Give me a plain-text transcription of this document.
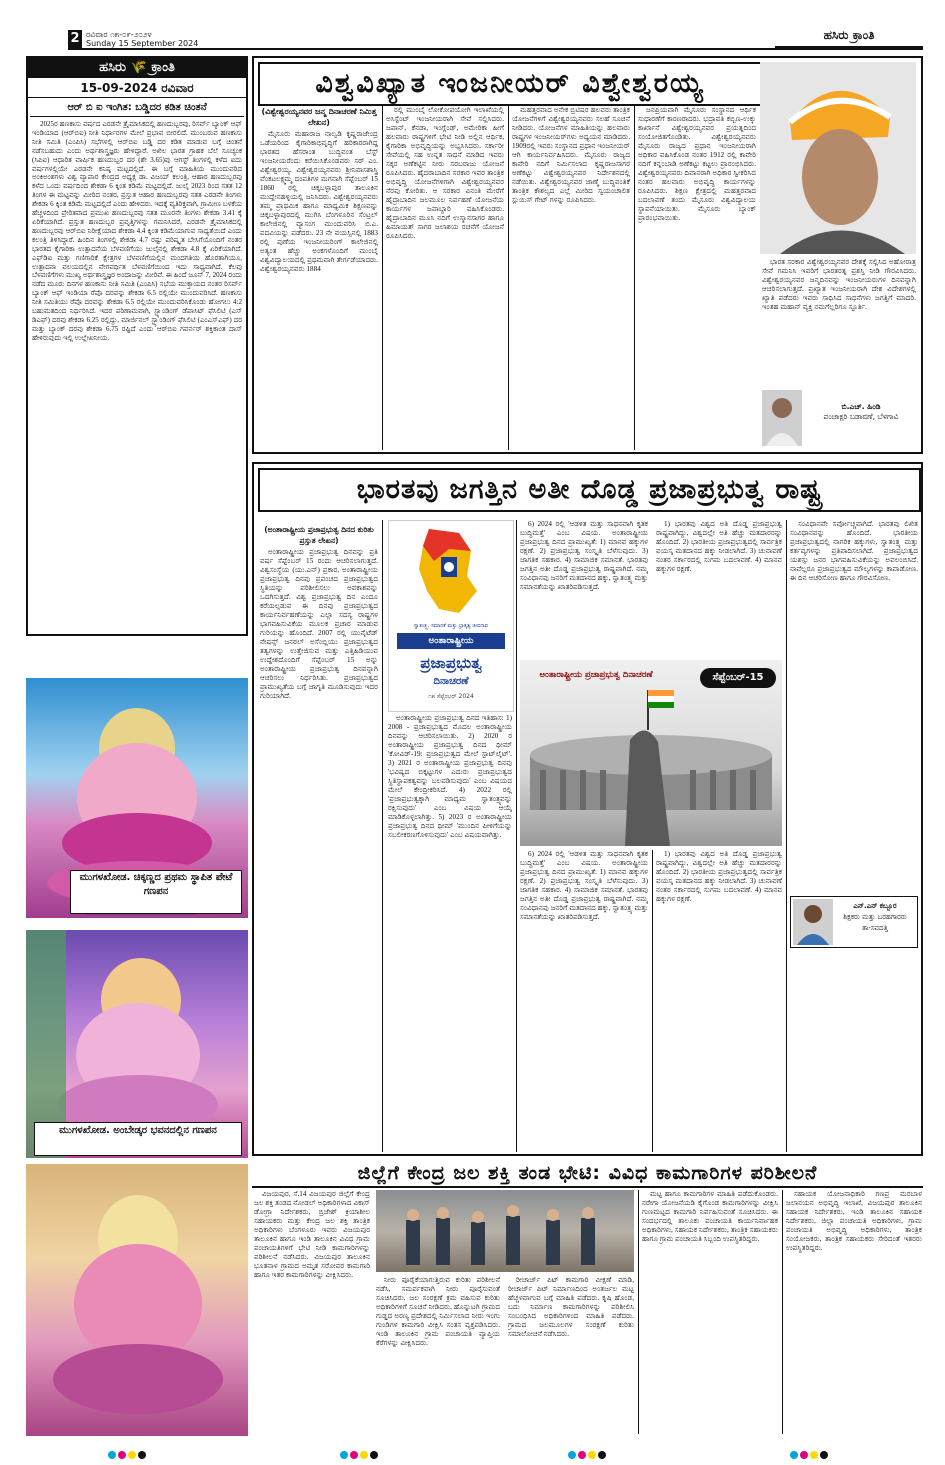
2 ರವಿವಾರ ೧೫-೦೯-೨೦೨೪
Sunday 15 September 2024
ಹಸಿರು ಕ್ರಾಂತಿ
ಹಸಿರು 🌾 ಕ್ರಾಂತಿ
15-09-2024 ರವಿವಾರ
ಆರ್ ಬಿ ಐ ಇಂಗಿತ: ಬಡ್ಡಿದರ ಕಡಿತ ಚಿಂತನೆ

2025ರ ಹಣಕಾಸು ವರ್ಷದ ಎರಡನೇ ತ್ರೈಮಾಸಿಕದಲ್ಲಿ ಹಣದುಬ್ಬರವು, ರಿಸರ್ವ್ ಬ್ಯಾಂಕ್ ಆಫ್ ಇಂಡಿಯಾದ (ಆರ್‌ಬಿಐ) ನೀತಿ ನಿರ್ಧಾರಗಳ ಮೇಲೆ ಪ್ರಭಾವ ಬೀರಲಿದೆ. ಮುಂಬರುವ ಹಣಕಾಸು ನೀತಿ ಸಮಿತಿ (ಎಂಪಿಸಿ) ಸಭೆಗಳಲ್ಲಿ ಆರ್‌ಬಿಐ ಬಡ್ಡಿ ದರ ಕಡಿತ ಮಾಡುವ ಬಗ್ಗೆ ಚಿಂತನೆ ನಡೆಸಬಹುದು ಎಂದು ಅರ್ಥಶಾಸ್ತ್ರಜ್ಞರು ಹೇಳಿದ್ದಾರೆ. ಅಖಿಲ ಭಾರತ ಗ್ರಾಹಕ ಬೆಲೆ ಸೂಚ್ಯಂಕ (ಸಿಪಿಐ) ಆಧಾರಿತ ವಾರ್ಷಿಕ ಹಣದುಬ್ಬರ ದರ (ಶೇ 3.65)ವು ಆಗಸ್ಟ್ ತಿಂಗಳಲ್ಲಿ ಕಳೆದ ಐದು ವರ್ಷಗಳಲ್ಲಿಯೇ ಎರಡನೇ ಕನಿಷ್ಠ ಮಟ್ಟದಲ್ಲಿದೆ. ಈ ಬಗ್ಗೆ ಮಾಹಿತಿಯ ಮುಂದುವರಿದ ಅಂಕಿಅಂಶಗಳು ವಿಶ್ವ ವ್ಯಾಪಾರ ಕೇಂದ್ರದ ಅಧ್ಯಕ್ಷ ಡಾ. ವಿಜಯ್ ಕಲಂತ್ರಿ, ಆಹಾರ ಹಣದುಬ್ಬರವು ಕಳೆದ ಒಂದು ವರ್ಷದಿಂದ ಶೇಕಡಾ 6 ಕ್ಕಿಂತ ಕಡಿಮೆ ಮಟ್ಟದಲ್ಲಿದೆ. ಜುಲೈ 2023 ರಿಂದ ಸತತ 12 ತಿಂಗಳ ಈ ಮಟ್ಟವನ್ನು ಮೀರಿದ ನಂತರ, ಪ್ರಸ್ತುತ ಆಹಾರ ಹಣದುಬ್ಬರವು ಸತತ ಎರಡನೇ ತಿಂಗಳು ಶೇಕಡಾ 6 ಕ್ಕಿಂತ ಕಡಿಮೆ ಮಟ್ಟದಲ್ಲಿದೆ ಎಂದು ಹೇಳಿದರು. ಇದಕ್ಕೆ ವ್ಯತಿರಿಕ್ತವಾಗಿ, ಗ್ರಾಮೀಣ ಬಳಕೆಯ ಹೆಚ್ಚಳದಿಂದ ಪ್ರೇರಿತವಾದ ಪ್ರಮುಖ ಹಣದುಬ್ಬರವು ಸತತ ಮೂರನೇ ತಿಂಗಳು ಶೇಕಡಾ 3.41 ಕ್ಕೆ ಏರಿಕೆಯಾಗಿದೆ. ಪ್ರಸ್ತುತ ಹಣದುಬ್ಬರ ಪ್ರವೃತ್ತಿಗಳನ್ನು ಗಮನಿಸಿದರೆ, ಎರಡನೇ ತ್ರೈಮಾಸಿಕದಲ್ಲಿ ಹಣದುಬ್ಬರವು ಆರ್‌ಬಿಐ ನಿರೀಕ್ಷೆಯಾದ ಶೇಕಡಾ 4.4 ಕ್ಕಿಂತ ಕಡಿಮೆಯಾಗುವ ಸಾಧ್ಯತೆಯಿದೆ ಎಂದು ಕಲಂತ್ರಿ ತಿಳಿಸಿದ್ದಾರೆ. ಹಿಂದಿನ ತಿಂಗಳಲ್ಲಿ ಶೇಕಡಾ 4.7 ರಷ್ಟು ಪರಿಷ್ಕೃತ ಬೇಸಿಗೆಯೊಂದಿಗೆ ನಂತರ ಭಾರತದ ಕೈಗಾರಿಕಾ ಉತ್ಪಾದನೆಯ ಬೆಳವಣಿಗೆಯು ಜುಲೈನಲ್ಲಿ ಶೇಕಡಾ 4.8 ಕ್ಕೆ ಏರಿಕೆಯಾಗಿದೆ. ಎಫ್‌ಡಿಐ ಮತ್ತು ಗಣಿಗಾರಿಕೆ ಕ್ಷೇತ್ರಗಳ ಬೆಳವಣಿಗೆಯಲ್ಲಿನ ಮಂದಗತಿಯ ಹೊರತಾಗಿಯೂ, ಉತ್ಪಾದನಾ ವಲಯದಲ್ಲಿನ ವೇಗವರ್ಧಿತ ಬೆಳವಣಿಗೆಯಿಂದ ಇದು ಸಾಧ್ಯವಾಗಿದೆ. ಕೆಲವು ಬೆಳವಣಿಗೆಗಳು ಮುಖ್ಯ ಅರ್ಥಶಾಸ್ತ್ರಜ್ಞರ ಅಂದಾಜನ್ನು ಮೀರಿವೆ. ಈ ಹಿಂದೆ ಜೂನ್ 7, 2024 ರಂದು ನಡೆದ ಮೂರು ದಿನಗಳ ಹಣಕಾಸು ನೀತಿ ಸಮಿತಿ (ಎಂಪಿಸಿ) ಸಭೆಯ ಮುಕ್ತಾಯದ ನಂತರ ರಿಸರ್ವ್ ಬ್ಯಾಂಕ್ ಆಫ್ ಇಂಡಿಯಾ ರೆಪೊ ದರವನ್ನು ಶೇಕಡಾ 6.5 ರಲ್ಲಿಯೇ ಮುಂದುವರಿಸಿದೆ. ಹಣಕಾಸು ನೀತಿ ಸಮಿತಿಯು ರೆಪೊ ದರವನ್ನು ಶೇಕಡಾ 6.5 ರಲ್ಲಿಯೇ ಮುಂದುವರಿಸಿಕೊಂಡು ಹೋಗಲು 4:2 ಬಹುಮತದಿಂದ ನಿರ್ಧರಿಸಿದೆ. ಇದರ ಪರಿಣಾಮವಾಗಿ, ಸ್ಟ್ಯಾಂಡಿಂಗ್ ಡೆಪಾಸಿಟ್ ಫೆಸಿಲಿಟಿ (ಎಸ್ ಡಿಎಫ್) ದರವು ಶೇಕಡಾ 6.25 ರಲ್ಲಿದ್ದು, ಮಾರ್ಜಿನಲ್ ಸ್ಟ್ಯಾಂಡಿಂಗ್ ಫೆಸಿಲಿಟಿ (ಎಂಎಸ್‌ಎಫ್) ದರ ಮತ್ತು ಬ್ಯಾಂಕ್ ದರವು ಶೇಕಡಾ 6.75 ರಷ್ಟಿದೆ ಎಂದು ಆರ್‌ಬಿಐ ಗವರ್ನರ್ ಶಕ್ತಿಕಾಂತ ದಾಸ್ ಹೇಳಿರುವುದು ಇಲ್ಲಿ ಉಲ್ಲೇಖನೀಯ.

ಮುಗಳಖೋಡ. ಚಿಕ್ಕಣ್ಣದ ಪ್ರಥಮ ಸ್ಥಾಪಿತ ಪೇಟೆ ಗಣಪನ
ಮುಗಳಖೋಡ. ಅಂಬೇಡ್ಕರ ಭವನದಲ್ಲಿನ ಗಣಪನ
ವಿಶ್ವವಿಖ್ಯಾತ ಇಂಜನೀಯರ್ ವಿಶ್ವೇಶ್ವರಯ್ಯ
(ವಿಶ್ವೇಶ್ವರಯ್ಯನವರ ಜನ್ಮ ದಿನಾಚರಣೆ ನಿಮಿತ್ತ ಲೇಖನ)

ಮೈಸೂರು ಮಹಾರಾಜ ನಾಲ್ವಡಿ ಕೃಷ್ಣರಾಜೇಂದ್ರ ಒಡೆಯರಿಂದ ಕೈಗಾರಿಕಾಭಿವೃದ್ಧಿಗೆ ಹರಿಕಾರರಾಗಿದ್ದ ಭಾರತದ ಹೆಸರಾಂತ ಬುದ್ಧಿವಂತ ಬೆಸ್ಟ್ ಇಂಜನೀಯರೆಂದು ಕರೆಯಿಸಿಕೊಂಡವರು ಸರ್ ಎಂ. ವಿಶ್ವೇಶ್ವರಯ್ಯ. ವಿಶ್ವೇಶ್ವರಯ್ಯನವರು ಶ್ರೀನಿವಾಸಶಾಸ್ತ್ರಿ ವೆಂಕಟಲಕ್ಷ್ಮಮ್ಮ ದಂಪತಿಗಳ ಮಗನಾಗಿ ಸೆಪ್ಟೆಂಬರ್ 15 1860 ರಲ್ಲಿ ಚಿಕ್ಕಬಳ್ಳಾಪುರ ತಾಲೂಕಿನ ಮುದ್ದೇನಹಳ್ಳಿಯಲ್ಲಿ ಜನಿಸಿದರು. ವಿಶ್ವೇಶ್ವರಯ್ಯನವರು ತಮ್ಮ ಪ್ರಾಥಮಿಕ ಹಾಗೂ ಮಾಧ್ಯಮಿಕ ಶಿಕ್ಷಣವನ್ನು ಚಿಕ್ಕಬಳ್ಳಾಪುರದಲ್ಲಿ ಮುಗಿಸಿ ಬೆಂಗಳೂರಿನ ಸೆಂಟ್ರಲ್ ಕಾಲೇಜಿನಲ್ಲಿ ವ್ಯಾಸಂಗ ಮುಂದುವರಿಸಿ ಬಿ.ಎ. ಪದವಿಯನ್ನು ಪಡೆದರು. 23 ನೇ ವಯಸ್ಸಿನಲ್ಲಿ 1883 ರಲ್ಲಿ ಪುಣೆಯ ಇಂಜನೀಯರಿಂಗ್ ಕಾಲೇಜಿನಲ್ಲಿ ಅತ್ಯಂತ ಹೆಚ್ಚು ಅಂಕಗಳೊಂದಿಗೆ ಮುಂಬೈ ವಿಶ್ವವಿದ್ಯಾಲಯದಲ್ಲಿ ಪ್ರಥಮವಾಗಿ ತೇರ್ಗಡೆಯಾದರು. ವಿಶ್ವೇಶ್ವರಯ್ಯನವರು 1884

ರಲ್ಲಿ ಮುಂಬೈ ಲೋಕೋಪಯೋಗಿ ಇಲಾಖೆಯಲ್ಲಿ ಅಸಿಸ್ಟೆಂಟ್ ಇಂಜನೀಯರಾಗಿ ಸೇವೆ ಸಲ್ಲಿಸಿದರು. ಜಪಾನ್, ಕೆನಡಾ, ಇಂಗ್ಲೆಂಡ್, ಅಮೇರಿಕಾ ಹೀಗೆ ಹಲವಾರು ರಾಷ್ಟ್ರಗಳಿಗೆ ಭೇಟಿ ನೀಡಿ ಅಲ್ಲಿನ ಆರ್ಥಿಕ, ಕೈಗಾರಿಕಾ ಅಭಿವೃದ್ಧಿಯನ್ನು ಅಭ್ಯಸಿಸಿದರು. ಸರ್ಕಾರೀ ಸೇವೆಯಲ್ಲಿ ಸಹ ಉನ್ನತ ಸಾಧನೆ ಮಾಡಿದ ಇವರು ಸಕ್ಕರ ಅಣೆಕಟ್ಟಿನ ನೀರು ಸರಬರಾಜು ಯೋಜನೆ ರೂಪಿಸಿದರು. ಹೈದರಾಬಾದಿನ ಸರಕಾರ ಇವರ ತಾಂತ್ರಿಕ ಅಭಿವೃದ್ಧಿ ಯೋಜನೆಗಳಿಗಾಗಿ ವಿಶ್ವೇಶ್ವರಯ್ಯನವರ ನೆರವು ಕೋರಿತು. ಆ ಸರಕಾರ ವಿನಂತಿ ಮೇರೆಗೆ ಹೈದ್ರಾಬಾದಿನ ಜಲಮೂಲ ನಿರ್ವಹಣೆ ಯೋಜನೆಯ ಕಾರ್ಯಗಳ ಜವಾಬ್ದಾರಿ ವಹಿಸಿಕೊಂಡರು. ಹೈದ್ರಾಬಾದಿನ ಮೂಸಿ ನದಿಗೆ ಉಸ್ಮಾನಸಾಗರ ಹಾಗೂ ಹಿಮಾಯತ್ ಸಾಗರ ಜಲಾಶಯ ರಚನೆಗೆ ಯೋಜನೆ ರೂಪಿಸಿದರು.

ಮಹತ್ತರವಾದ ಅನೇಕ ಬ್ರಿಟಿಷರ ಹಲವರು ತಾಂತ್ರಿಕ ಯೋಜನೆಗಳಿಗೆ ವಿಶ್ವೇಶ್ವರಯ್ಯನವರು ಸಲಹೆ ಸೂಚನೆ ನೀಡಿದರು. ಯೋಜನೆಗಳ ಮಾಹಿತಿಯನ್ನು ಹಲವಾರು ರಾಷ್ಟ್ರಗಳ ಇಂಜನೀಯರ್‌ಗಳು ಅಧ್ಯಯನ ಮಾಡಿದರು. 1909ರಲ್ಲಿ ಇವರು ಸಂಸ್ಥಾನದ ಪ್ರಧಾನ ಇಂಜನೀಯರ್ ಆಗಿ ಕಾರ್ಯನಿರ್ವಹಿಸಿದರು. ಮೈಸೂರು ರಾಜ್ಯದ ಕಾವೇರಿ ನದಿಗೆ ನಿರ್ಮಿಸಲಾದ ಕೃಷ್ಣರಾಜಸಾಗರ ಅಣೆಕಟ್ಟು ವಿಶ್ವೇಶ್ವರಯ್ಯನವರ ನಿರ್ದೇಶನದಲ್ಲಿ ನಡೆಯಿತು. ವಿಶ್ವೇಶ್ವರಯ್ಯನವರ ಜಾಣ್ಮೆ ಬುದ್ಧಿವಂತಿಕೆ ತಾಂತ್ರಿಕ ಕೌಶಲ್ಯದ ಎಲ್ಲೆ ಮೀರಿದ ಸ್ವಯಂಚಾಲಿತ ಸ್ಲುಯಿಸ್ ಗೇಟ್ ಗಳನ್ನು ರೂಪಿಸಿದರು.

ಜನಪ್ರಿಯವಾಗಿ ಮೈಸೂರು ಸಂಸ್ಥಾನದ ಆರ್ಥಿಕ ಸುಧಾರಣೆಗೆ ಕಾರಣರಾದರು. ಭದ್ರಾವತಿ ಕಬ್ಬಿಣ-ಉಕ್ಕು ಕಾರ್ಖಾನೆ ವಿಶ್ವೇಶ್ವರಯ್ಯನವರ ಪ್ರಯತ್ನದಿಂದ ಸಂಯೋಜಿತಗೊಂಡಿತು. ವಿಶ್ವೇಶ್ವರಯ್ಯನವರು ಮೈಸೂರು ರಾಜ್ಯದ ಪ್ರಧಾನ ಇಂಜನೀಯರಾಗಿ ಅಧಿಕಾರ ವಹಿಸಿಕೊಂಡ ನಂತರ 1912 ರಲ್ಲಿ ಕಾವೇರಿ ನದಿಗೆ ಕನ್ನಂಬಾಡಿ ಅಣೆಕಟ್ಟು ಕಟ್ಟಲು ಪ್ರಾರಂಭಿಸಿದರು. ವಿಶ್ವೇಶ್ವರಯ್ಯನವರು ದಿವಾನರಾಗಿ ಅಧಿಕಾರ ಸ್ವೀಕರಿಸಿದ ನಂತರ ಹಲವಾರು ಅಭಿವೃದ್ಧಿ ಕಾರ್ಯಗಳನ್ನು ರೂಪಿಸಿದರು. ಶಿಕ್ಷಣ ಕ್ಷೇತ್ರದಲ್ಲಿ ಮಹತ್ತರವಾದ ಬದಲಾವಣೆ ತಂದು ಮೈಸೂರು ವಿಶ್ವವಿದ್ಯಾಲಯ ಸ್ಥಾಪನೆಯಾಯಿತು. ಮೈಸೂರು ಬ್ಯಾಂಕ್ ಪ್ರಾರಂಭವಾಯಿತು.

ಭಾರತ ಸರಕಾರ ವಿಶ್ವೇಶ್ವರಯ್ಯನವರ ದೇಶಕ್ಕೆ ಸಲ್ಲಿಸಿದ ಅಹೋರಾತ್ರ ಸೇವೆ ಗಮನಿಸಿ ಇವರಿಗೆ ಭಾರತರತ್ನ ಪ್ರಶಸ್ತಿ ನೀಡಿ ಗೌರವಿಸಿದರು. ವಿಶ್ವೇಶ್ವರಯ್ಯನವರ ಜನ್ಮದಿನವನ್ನು ಇಂಜನೀಯರುಗಳ ದಿನವನ್ನಾಗಿ ಆಚರಿಸಲಾಗುತ್ತದೆ. ಪ್ರಖ್ಯಾತ ಇಂಜನೀಯರಾಗಿ ದೇಶ ವಿದೇಶಗಳಲ್ಲಿ ಖ್ಯಾತಿ ಪಡೆದರು ಇವರು ಸಾಧಿಸಿದ ಸಾಧನೆಗಳು ಜಗತ್ತಿಗೆ ಮಾದರಿ. ಇಂತಹ ಮಹಾನ್ ವ್ಯಕ್ತಿ ನಮಗೆಲ್ಲರಿಗೂ ಸ್ಫೂರ್ತಿ.

ಬಿ.ಎಚ್. ಹಿಂಡಿ
ಪಂಚಾಕ್ಷರಿ ಬಡಾವಣೆ, ಬೆಳಗಾವಿ
ಭಾರತವು ಜಗತ್ತಿನ ಅತೀ ದೊಡ್ಡ ಪ್ರಜಾಪ್ರಭುತ್ವ ರಾಷ್ಟ್ರ
(ಅಂತಾರಾಷ್ಟ್ರೀಯ ಪ್ರಜಾಪ್ರಭುತ್ವ ದಿನದ ಕುರಿತು ಪ್ರಸ್ತುತ ಲೇಖನ)

ಅಂತಾರಾಷ್ಟ್ರೀಯ ಪ್ರಜಾಪ್ರಭುತ್ವ ದಿನವನ್ನು ಪ್ರತಿ ವರ್ಷ ಸೆಪ್ಟೆಂಬರ್ 15 ರಂದು ಆಚರಿಸಲಾಗುತ್ತದೆ. ವಿಶ್ವಸಂಸ್ಥೆಯ (ಯು.ಎನ್) ಪ್ರಕಾರ, ಅಂತಾರಾಷ್ಟ್ರೀಯ ಪ್ರಜಾಪ್ರಭುತ್ವ ದಿನವು ಪ್ರಪಂಚದ ಪ್ರಜಾಪ್ರಭುತ್ವದ ಸ್ಥಿತಿಯನ್ನು ಪರಿಶೀಲಿಸಲು ಅವಕಾಶವನ್ನು ಒದಗಿಸುತ್ತದೆ. ವಿಶ್ವ ಪ್ರಜಾಪ್ರಭುತ್ವ ದಿನ ಎಂದೂ ಕರೆಯಲ್ಪಡುವ ಈ ದಿನವು ಪ್ರಜಾಪ್ರಭುತ್ವದ ಕಾರ್ಯನಿರ್ವಹಣೆಯನ್ನು ಎಲ್ಲಾ ಸದಸ್ಯ ರಾಷ್ಟ್ರಗಳ ಭಾಗವಹಿಸುವಿಕೆಯ ಮೂಲಕ ಪ್ರಚಾರ ಮಾಡುವ ಗುರಿಯನ್ನು ಹೊಂದಿದೆ. 2007 ರಲ್ಲಿ ಯುನೈಟೆಡ್ ನೇಷನ್ಸ್ ಜನರಲ್ ಅಸೆಂಬ್ಲಿಯು ಪ್ರಜಾಪ್ರಭುತ್ವದ ತತ್ವಗಳನ್ನು ಉತ್ತೇಜಿಸುವ ಮತ್ತು ಎತ್ತಿಹಿಡಿಯುವ ಉದ್ದೇಶದೊಂದಿಗೆ ಸೆಪ್ಟೆಂಬರ್ 15 ಅನ್ನು ಅಂತಾರಾಷ್ಟ್ರೀಯ ಪ್ರಜಾಪ್ರಭುತ್ವ ದಿನವನ್ನಾಗಿ ಆಚರಿಸಲು ನಿರ್ಧರಿಸಿತು. ಪ್ರಜಾಪ್ರಭುತ್ವದ ಪ್ರಾಮುಖ್ಯತೆಯ ಬಗ್ಗೆ ಜಾಗೃತಿ ಮೂಡಿಸುವುದು ಇದರ ಗುರಿಯಾಗಿದೆ.

ಸ್ವಾತಂತ್ರ್ಯ, ಸಮಾನತೆ ಮತ್ತು ಭ್ರಾತೃತ್ವ ಜೀವನಾವ
ಅಂತಾರಾಷ್ಟ್ರೀಯ
ಪ್ರಜಾಪ್ರಭುತ್ವ
ದಿನಾಚರಣೆ
೧೫ ಸೆಪ್ಟೆಂಬರ್ 2024

ಅಂತಾರಾಷ್ಟ್ರೀಯ ಪ್ರಜಾಪ್ರಭುತ್ವ ದಿನದ ಇತಿಹಾಸ: 1) 2008 - ಪ್ರಜಾಪ್ರಭುತ್ವದ ಮೊದಲ ಅಂತಾರಾಷ್ಟ್ರೀಯ ದಿನವನ್ನು ಆಚರಿಸಲಾಯಿತು. 2) 2020 ರ ಅಂತಾರಾಷ್ಟ್ರೀಯ ಪ್ರಜಾಪ್ರಭುತ್ವ ದಿನದ ಥೀಮ್ 'ಕೋವಿಡ್-19: ಪ್ರಜಾಪ್ರಭುತ್ವದ ಮೇಲೆ ಸ್ಪಾಟ್‌ಲೈಟ್'. 3) 2021 ರ ಅಂತಾರಾಷ್ಟ್ರೀಯ ಪ್ರಜಾಪ್ರಭುತ್ವ ದಿನವು 'ಭವಿಷ್ಯದ ಬಿಕ್ಕಟ್ಟುಗಳ ಎದುರು ಪ್ರಜಾಪ್ರಭುತ್ವದ ಸ್ಥಿತಿಸ್ಥಾಪಕತ್ವವನ್ನು ಬಲಪಡಿಸುವುದು' ಎಂಬ ವಿಷಯದ ಮೇಲೆ ಕೇಂದ್ರೀಕರಿಸಿದೆ. 4) 2022 ರಲ್ಲಿ 'ಪ್ರಜಾಪ್ರಭುತ್ವಕ್ಕಾಗಿ ಮಾಧ್ಯಮ ಸ್ವಾತಂತ್ರ್ಯವನ್ನು ರಕ್ಷಿಸುವುದು' ಎಂಬ ವಿಷಯ ಆಯ್ಕೆ ಮಾಡಿಕೊಳ್ಳಲಾಗಿತ್ತು. 5) 2023 ರ ಅಂತಾರಾಷ್ಟ್ರೀಯ ಪ್ರಜಾಪ್ರಭುತ್ವ ದಿನದ ಥೀಮ್ 'ಮುಂದಿನ ಪೀಳಿಗೆಯನ್ನು ಸಬಲೀಕರಣಗೊಳಿಸುವುದು' ಎಂಬ ವಿಷಯವಾಗಿತ್ತು.

6) 2024 ರಲ್ಲಿ 'ಆಡಳಿತ ಮತ್ತು ಸಾಧನವಾಗಿ ಕೃತಕ ಬುದ್ಧಿಮತ್ತೆ' ಎಂಬ ವಿಷಯ. ಅಂತಾರಾಷ್ಟ್ರೀಯ ಪ್ರಜಾಪ್ರಭುತ್ವ ದಿನದ ಪ್ರಾಮುಖ್ಯತೆ: 1) ಮಾನವ ಹಕ್ಕುಗಳ ರಕ್ಷಣೆ. 2) ಪ್ರಜಾಪ್ರಭುತ್ವ ಸಂಸ್ಕೃತಿ ಬೆಳೆಸುವುದು. 3) ಜಾಗತಿಕ ಸಹಕಾರ. 4) ಸಾಮಾಜಿಕ ಸಮಾನತೆ. ಭಾರತವು ಜಗತ್ತಿನ ಅತೀ ದೊಡ್ಡ ಪ್ರಜಾಪ್ರಭುತ್ವ ರಾಷ್ಟ್ರವಾಗಿದೆ. ನಮ್ಮ ಸಂವಿಧಾನವು ಜನರಿಗೆ ಮತದಾನದ ಹಕ್ಕು, ಸ್ವಾತಂತ್ರ್ಯ ಮತ್ತು ಸಮಾನತೆಯನ್ನು ಖಾತರಿಪಡಿಸುತ್ತದೆ.

ಅಂತಾರಾಷ್ಟ್ರೀಯ ಪ್ರಜಾಪ್ರಭುತ್ವ ದಿನಾಚರಣೆ	ಸೆಪ್ಟೆಂಬರ್-15

6) 2024 ರಲ್ಲಿ 'ಆಡಳಿತ ಮತ್ತು ಸಾಧನವಾಗಿ ಕೃತಕ ಬುದ್ಧಿಮತ್ತೆ' ಎಂಬ ವಿಷಯ. ಅಂತಾರಾಷ್ಟ್ರೀಯ ಪ್ರಜಾಪ್ರಭುತ್ವ ದಿನದ ಪ್ರಾಮುಖ್ಯತೆ: 1) ಮಾನವ ಹಕ್ಕುಗಳ ರಕ್ಷಣೆ. 2) ಪ್ರಜಾಪ್ರಭುತ್ವ ಸಂಸ್ಕೃತಿ ಬೆಳೆಸುವುದು. 3) ಜಾಗತಿಕ ಸಹಕಾರ. 4) ಸಾಮಾಜಿಕ ಸಮಾನತೆ. ಭಾರತವು ಜಗತ್ತಿನ ಅತೀ ದೊಡ್ಡ ಪ್ರಜಾಪ್ರಭುತ್ವ ರಾಷ್ಟ್ರವಾಗಿದೆ. ನಮ್ಮ ಸಂವಿಧಾನವು ಜನರಿಗೆ ಮತದಾನದ ಹಕ್ಕು, ಸ್ವಾತಂತ್ರ್ಯ ಮತ್ತು ಸಮಾನತೆಯನ್ನು ಖಾತರಿಪಡಿಸುತ್ತದೆ.

1) ಭಾರತವು ವಿಶ್ವದ ಅತಿ ದೊಡ್ಡ ಪ್ರಜಾಪ್ರಭುತ್ವ ರಾಷ್ಟ್ರವಾಗಿದ್ದು, ವಿಶ್ವದಲ್ಲೇ ಅತಿ ಹೆಚ್ಚು ಮತದಾರರನ್ನು ಹೊಂದಿದೆ. 2) ಭಾರತೀಯ ಪ್ರಜಾಪ್ರಭುತ್ವದಲ್ಲಿ ಸಾರ್ವತ್ರಿಕ ವಯಸ್ಕ ಮತದಾನದ ಹಕ್ಕು ನೀಡಲಾಗಿದೆ. 3) ಚುನಾವಣೆ ನಂತರ ಸರ್ಕಾರದಲ್ಲಿ ಸುಗಮ ಬದಲಾವಣೆ. 4) ಮಾನವ ಹಕ್ಕುಗಳ ರಕ್ಷಣೆ.

1) ಭಾರತವು ವಿಶ್ವದ ಅತಿ ದೊಡ್ಡ ಪ್ರಜಾಪ್ರಭುತ್ವ ರಾಷ್ಟ್ರವಾಗಿದ್ದು, ವಿಶ್ವದಲ್ಲೇ ಅತಿ ಹೆಚ್ಚು ಮತದಾರರನ್ನು ಹೊಂದಿದೆ. 2) ಭಾರತೀಯ ಪ್ರಜಾಪ್ರಭುತ್ವದಲ್ಲಿ ಸಾರ್ವತ್ರಿಕ ವಯಸ್ಕ ಮತದಾನದ ಹಕ್ಕು ನೀಡಲಾಗಿದೆ. 3) ಚುನಾವಣೆ ನಂತರ ಸರ್ಕಾರದಲ್ಲಿ ಸುಗಮ ಬದಲಾವಣೆ. 4) ಮಾನವ ಹಕ್ಕುಗಳ ರಕ್ಷಣೆ.

ಸಂವಿಧಾನವೇ ಸರ್ವೋಚ್ಚವಾಗಿದೆ. ಭಾರತವು ಲಿಖಿತ ಸಂವಿಧಾನವನ್ನು ಹೊಂದಿದೆ. ಭಾರತೀಯ ಪ್ರಜಾಪ್ರಭುತ್ವದಲ್ಲಿ ನಾಗರಿಕ ಹಕ್ಕುಗಳು, ಸ್ವಾತಂತ್ರ್ಯ ಮತ್ತು ಕರ್ತವ್ಯಗಳನ್ನು ಪ್ರತಿಪಾದಿಸಲಾಗಿದೆ. ಪ್ರಜಾಪ್ರಭುತ್ವದ ಯಶಸ್ಸು ಜನರ ಭಾಗವಹಿಸುವಿಕೆಯನ್ನು ಅವಲಂಬಿಸಿದೆ. ನಾವೆಲ್ಲರೂ ಪ್ರಜಾಪ್ರಭುತ್ವದ ಮೌಲ್ಯಗಳನ್ನು ಕಾಪಾಡೋಣ. ಈ ದಿನ ಆಚರಿಸೋಣ ಹಾಗೂ ಗೌರವಿಸೋಣ.

ಎನ್.ಎನ್ ಕಬ್ಬೂರ
ಶಿಕ್ಷಕರು ಮತ್ತು ಬರಹಗಾರರು
ತಾ-ಸವದತ್ತಿ
ಜಿಲ್ಲೆಗೆ ಕೇಂದ್ರ ಜಲ ಶಕ್ತಿ ತಂಡ ಭೇಟಿ: ವಿವಿಧ ಕಾಮಗಾರಿಗಳ ಪರಿಶೀಲನೆ

ವಿಜಯಪುರ, ಸೆ.14 ವಿಜಯಪುರ ಜಿಲ್ಲೆಗೆ ಕೇಂದ್ರ ಜಲ ಶಕ್ತಿ ತಂಡದ ನೋಡಲ್ ಅಧಿಕಾರಿಗಳಾದ ವಿಕಾಸ್ ಡೋಗ್ರಾ ನಿರ್ದೇಶಕರು, ಬ್ರಿಜೇಶ್ ಕ್ರಿಯಾಶೀಲ ಸಹಾಯಕರು ಮತ್ತು ಕೇಂದ್ರ ಜಲ ಶಕ್ತಿ ತಾಂತ್ರಿಕ ಅಧಿಕಾರಿಗಳು ಬೆಂಗಳೂರು ಇವರು ವಿಜಯಪುರ ತಾಲೂಕಿನ ಹಾಗೂ ಇಂಡಿ ತಾಲೂಕಿನ ವಿವಿಧ ಗ್ರಾಮ ಪಂಚಾಯತಿಗಳಿಗೆ ಭೇಟಿ ನೀಡಿ ಕಾಮಗಾರಿಗಳನ್ನು ಪರಿಶೀಲನೆ ನಡೆಸಿದರು. ವಿಜಯಪುರ ತಾಲೂಕಿನ ಭೂತನಾಳ ಗ್ರಾಮದ ಅಮೃತ ಸರೋವರ ಕಾಮಗಾರಿ ಹಾಗೂ ಇತರ ಕಾಮಗಾರಿಗಳನ್ನು ವೀಕ್ಷಿಸಿದರು.

ನೀರು ಪೂರೈಕೆಯಾಗುತ್ತಿರುವ ಕುರಿತು ಪರಿಶೀಲನೆ ನಡೆಸಿ, ಸಮರ್ಪಕವಾಗಿ ನೀರು ಪೂರೈಸುವಂತೆ ಸೂಚಿಸಿದರು. ಜಲ ಸಂರಕ್ಷಣೆ ಕ್ರಮ ವಹಿಸುವ ಕುರಿತು ಅಧಿಕಾರಿಗಳಿಗೆ ಸೂಚನೆ ನೀಡಿದರು. ಹೊನ್ನುಟಗಿ ಗ್ರಾಮದ ಗುಡ್ಡದ ಅರಣ್ಯ ಪ್ರದೇಶದಲ್ಲಿ ನಿರ್ಮಿಸಲಾದ ನೀರು ಇಂಗು ಗುಂಡಿಗಳ ಕಾಮಗಾರಿ ವೀಕ್ಷಿಸಿ ಸಂತಸ ವ್ಯಕ್ತಪಡಿಸಿದರು. ಇಂಡಿ ತಾಲೂಕಿನ ಗ್ರಾಮ ಪಂಚಾಯತಿ ವ್ಯಾಪ್ತಿಯ ಕೆರೆಗಳನ್ನು ವೀಕ್ಷಿಸಿದರು.

ರೀಚಾರ್ಜ್ ಪಿಟ್ ಕಾಮಗಾರಿ ವೀಕ್ಷಣೆ ಮಾಡಿ, ರೀಚಾರ್ಜ್ ಪಿಟ್ ನಿರ್ಮಾಣದಿಂದ ಅಂತರ್ಜಲ ಮಟ್ಟ ಹೆಚ್ಚಳವಾಗುವ ಬಗ್ಗೆ ಮಾಹಿತಿ ಪಡೆದರು. ಕೃಷಿ ಹೊಂಡ, ಬದು ನಿರ್ಮಾಣ ಕಾಮಗಾರಿಗಳನ್ನು ಪರಿಶೀಲಿಸಿ ಸಂಬಂಧಿಸಿದ ಅಧಿಕಾರಿಗಳಿಂದ ಮಾಹಿತಿ ಪಡೆದರು. ಗ್ರಾಮದ ಜಲಮೂಲಗಳ ಸಂರಕ್ಷಣೆ ಕುರಿತು ಸಮಾಲೋಚನೆ ನಡೆಸಿದರು.

ಮಟ್ಟ ಹಾಗೂ ಕಾಮಗಾರಿಗಳ ಮಾಹಿತಿ ಪಡೆದುಕೊಂಡರು. ನರೇಗಾ ಯೋಜನೆಯಡಿ ಕೈಗೊಂಡ ಕಾಮಗಾರಿಗಳನ್ನು ವೀಕ್ಷಿಸಿ ಗುಣಮಟ್ಟದ ಕಾಮಗಾರಿ ನಿರ್ವಹಿಸುವಂತೆ ಸೂಚಿಸಿದರು. ಈ ಸಂದರ್ಭದಲ್ಲಿ ತಾಲೂಕು ಪಂಚಾಯತಿ ಕಾರ್ಯನಿರ್ವಾಹಕ ಅಧಿಕಾರಿಗಳು, ಸಹಾಯಕ ನಿರ್ದೇಶಕರು, ತಾಂತ್ರಿಕ ಸಹಾಯಕರು ಹಾಗೂ ಗ್ರಾಮ ಪಂಚಾಯತಿ ಸಿಬ್ಬಂದಿ ಉಪಸ್ಥಿತರಿದ್ದರು.

ಸಹಾಯಕ ಯೋಜನಾಧಿಕಾರಿ ಗಣಪ್ರ ಮರಬಾಳ ಜಲಾನಯನ ಅಭಿವೃದ್ಧಿ ಇಲಾಖೆ, ವಿಜಯಪುರ ತಾಲೂಕಿನ ಸಹಾಯಕ ನಿರ್ದೇಶಕರು, ಇಂಡಿ ತಾಲೂಕಿನ ಸಹಾಯಕ ನಿರ್ದೇಶಕರು, ಜಿಲ್ಲಾ ಪಂಚಾಯತಿ ಅಧಿಕಾರಿಗಳು, ಗ್ರಾಮ ಪಂಚಾಯತಿ ಅಭಿವೃದ್ಧಿ ಅಧಿಕಾರಿಗಳು, ತಾಂತ್ರಿಕ ಸಂಯೋಜಕರು, ತಾಂತ್ರಿಕ ಸಹಾಯಕರು ಸೇರಿದಂತೆ ಇತರರು ಉಪಸ್ಥಿತರಿದ್ದರು.
